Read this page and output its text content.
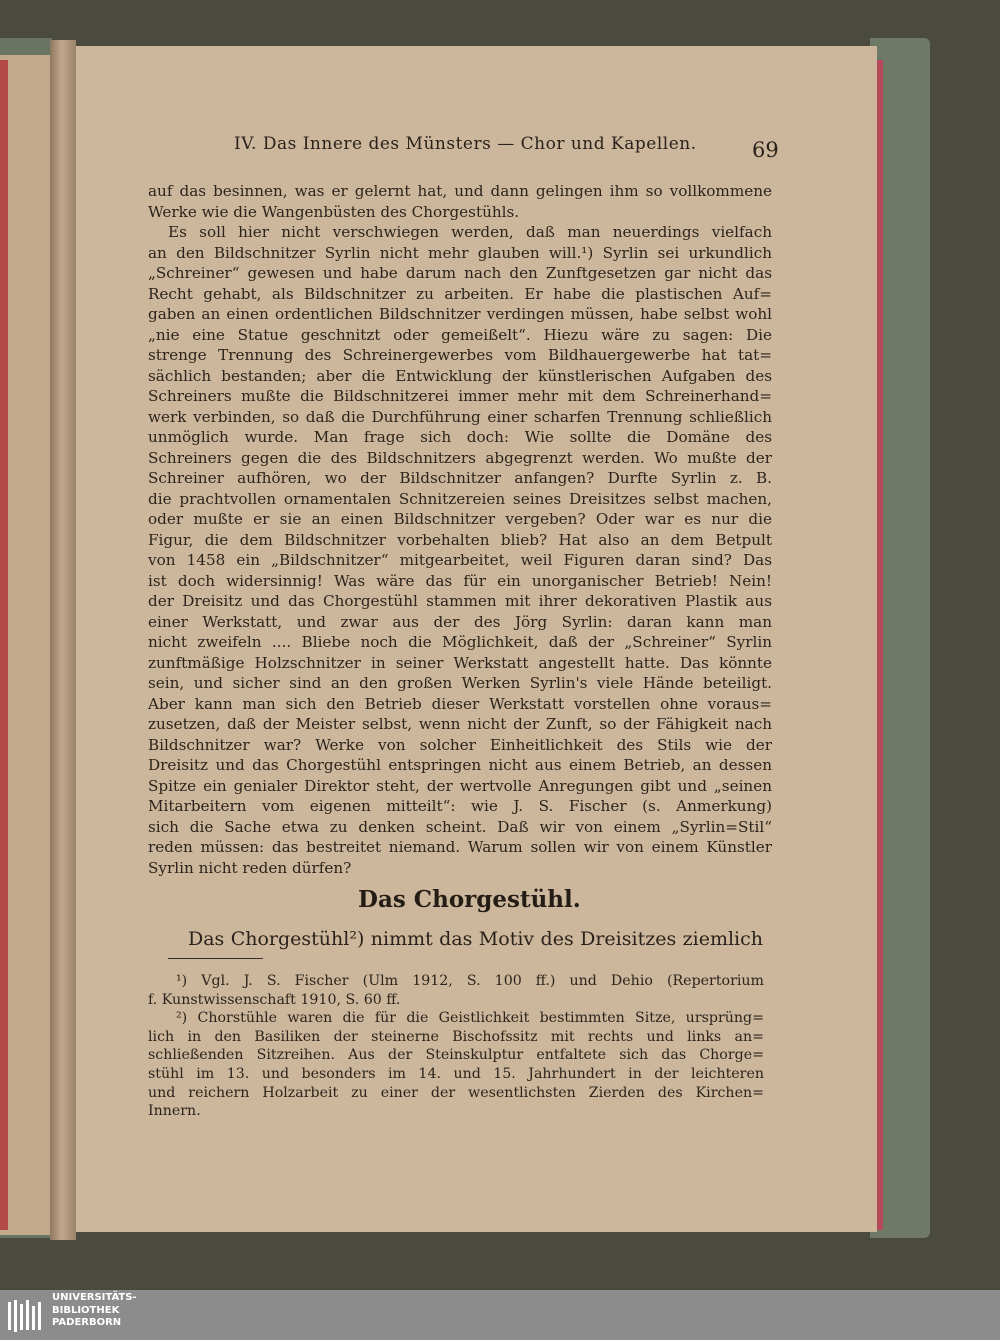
IV. Das Innere des Münsters — Chor und Kapellen.	69
auf das besinnen, was er gelernt hat, und dann gelingen ihm so vollkommene
Werke wie die Wangenbüsten des Chorgestühls.
Es soll hier nicht verschwiegen werden, daß man neuerdings vielfach
an den Bildschnitzer Syrlin nicht mehr glauben will.¹) Syrlin sei urkundlich
„Schreiner“ gewesen und habe darum nach den Zunftgesetzen gar nicht das
Recht gehabt, als Bildschnitzer zu arbeiten. Er habe die plastischen Auf=
gaben an einen ordentlichen Bildschnitzer verdingen müssen, habe selbst wohl
„nie eine Statue geschnitzt oder gemeißelt“. Hiezu wäre zu sagen: Die
strenge Trennung des Schreinergewerbes vom Bildhauergewerbe hat tat=
sächlich bestanden; aber die Entwicklung der künstlerischen Aufgaben des
Schreiners mußte die Bildschnitzerei immer mehr mit dem Schreinerhand=
werk verbinden, so daß die Durchführung einer scharfen Trennung schließlich
unmöglich wurde. Man frage sich doch: Wie sollte die Domäne des
Schreiners gegen die des Bildschnitzers abgegrenzt werden. Wo mußte der
Schreiner aufhören, wo der Bildschnitzer anfangen? Durfte Syrlin z. B.
die prachtvollen ornamentalen Schnitzereien seines Dreisitzes selbst machen,
oder mußte er sie an einen Bildschnitzer vergeben? Oder war es nur die
Figur, die dem Bildschnitzer vorbehalten blieb? Hat also an dem Betpult
von 1458 ein „Bildschnitzer“ mitgearbeitet, weil Figuren daran sind? Das
ist doch widersinnig! Was wäre das für ein unorganischer Betrieb! Nein!
der Dreisitz und das Chorgestühl stammen mit ihrer dekorativen Plastik aus
einer Werkstatt, und zwar aus der des Jörg Syrlin: daran kann man
nicht zweifeln .... Bliebe noch die Möglichkeit, daß der „Schreiner“ Syrlin
zunftmäßige Holzschnitzer in seiner Werkstatt angestellt hatte. Das könnte
sein, und sicher sind an den großen Werken Syrlin's viele Hände beteiligt.
Aber kann man sich den Betrieb dieser Werkstatt vorstellen ohne voraus=
zusetzen, daß der Meister selbst, wenn nicht der Zunft, so der Fähigkeit nach
Bildschnitzer war? Werke von solcher Einheitlichkeit des Stils wie der
Dreisitz und das Chorgestühl entspringen nicht aus einem Betrieb, an dessen
Spitze ein genialer Direktor steht, der wertvolle Anregungen gibt und „seinen
Mitarbeitern vom eigenen mitteilt“: wie J. S. Fischer (s. Anmerkung)
sich die Sache etwa zu denken scheint. Daß wir von einem „Syrlin=Stil“
reden müssen: das bestreitet niemand. Warum sollen wir von einem Künstler
Syrlin nicht reden dürfen?
Das Chorgestühl.
Das Chorgestühl²) nimmt das Motiv des Dreisitzes ziemlich
¹) Vgl. J. S. Fischer (Ulm 1912, S. 100 ff.) und Dehio (Repertorium
f. Kunstwissenschaft 1910, S. 60 ff.
²) Chorstühle waren die für die Geistlichkeit bestimmten Sitze, ursprüng=
lich in den Basiliken der steinerne Bischofssitz mit rechts und links an=
schließenden Sitzreihen. Aus der Steinskulptur entfaltete sich das Chorge=
stühl im 13. und besonders im 14. und 15. Jahrhundert in der leichteren
und reichern Holzarbeit zu einer der wesentlichsten Zierden des Kirchen=
Innern.
UNIVERSITÄTS-
BIBLIOTHEK
PADERBORN
